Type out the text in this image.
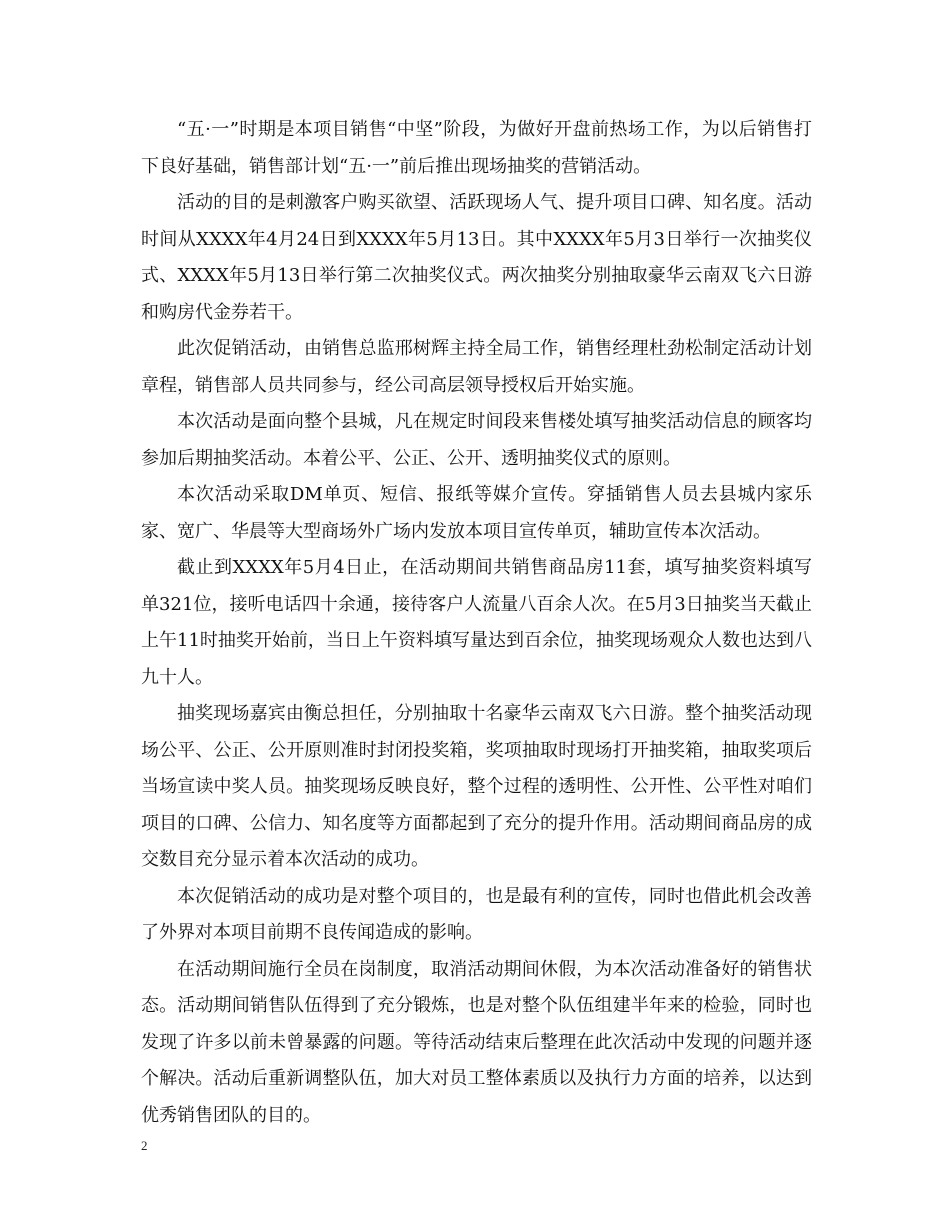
“五·一”时期是本项目销售“中坚”阶段，为做好开盘前热场工作，为以后销售打下良好基础，销售部计划“五·一”前后推出现场抽奖的营销活动。

活动的目的是刺激客户购买欲望、活跃现场人气、提升项目口碑、知名度。活动时间从XXXX年4月24日到XXXX年5月13日。其中XXXX年5月3日举行一次抽奖仪式、XXXX年5月13日举行第二次抽奖仪式。两次抽奖分别抽取豪华云南双飞六日游和购房代金券若干。

此次促销活动，由销售总监邢树辉主持全局工作，销售经理杜劲松制定活动计划章程，销售部人员共同参与，经公司高层领导授权后开始实施。

本次活动是面向整个县城，凡在规定时间段来售楼处填写抽奖活动信息的顾客均参加后期抽奖活动。本着公平、公正、公开、透明抽奖仪式的原则。

本次活动采取DM单页、短信、报纸等媒介宣传。穿插销售人员去县城内家乐家、宽广、华晨等大型商场外广场内发放本项目宣传单页，辅助宣传本次活动。

截止到XXXX年5月4日止，在活动期间共销售商品房11套，填写抽奖资料填写单321位，接听电话四十余通，接待客户人流量八百余人次。在5月3日抽奖当天截止上午11时抽奖开始前，当日上午资料填写量达到百余位，抽奖现场观众人数也达到八九十人。

抽奖现场嘉宾由衡总担任，分别抽取十名豪华云南双飞六日游。整个抽奖活动现场公平、公正、公开原则准时封闭投奖箱，奖项抽取时现场打开抽奖箱，抽取奖项后当场宣读中奖人员。抽奖现场反映良好，整个过程的透明性、公开性、公平性对咱们项目的口碑、公信力、知名度等方面都起到了充分的提升作用。活动期间商品房的成交数目充分显示着本次活动的成功。

本次促销活动的成功是对整个项目的，也是最有利的宣传，同时也借此机会改善了外界对本项目前期不良传闻造成的影响。

在活动期间施行全员在岗制度，取消活动期间休假，为本次活动准备好的销售状态。活动期间销售队伍得到了充分锻炼，也是对整个队伍组建半年来的检验，同时也发现了许多以前未曾暴露的问题。等待活动结束后整理在此次活动中发现的问题并逐个解决。活动后重新调整队伍，加大对员工整体素质以及执行力方面的培养，以达到优秀销售团队的目的。

2
